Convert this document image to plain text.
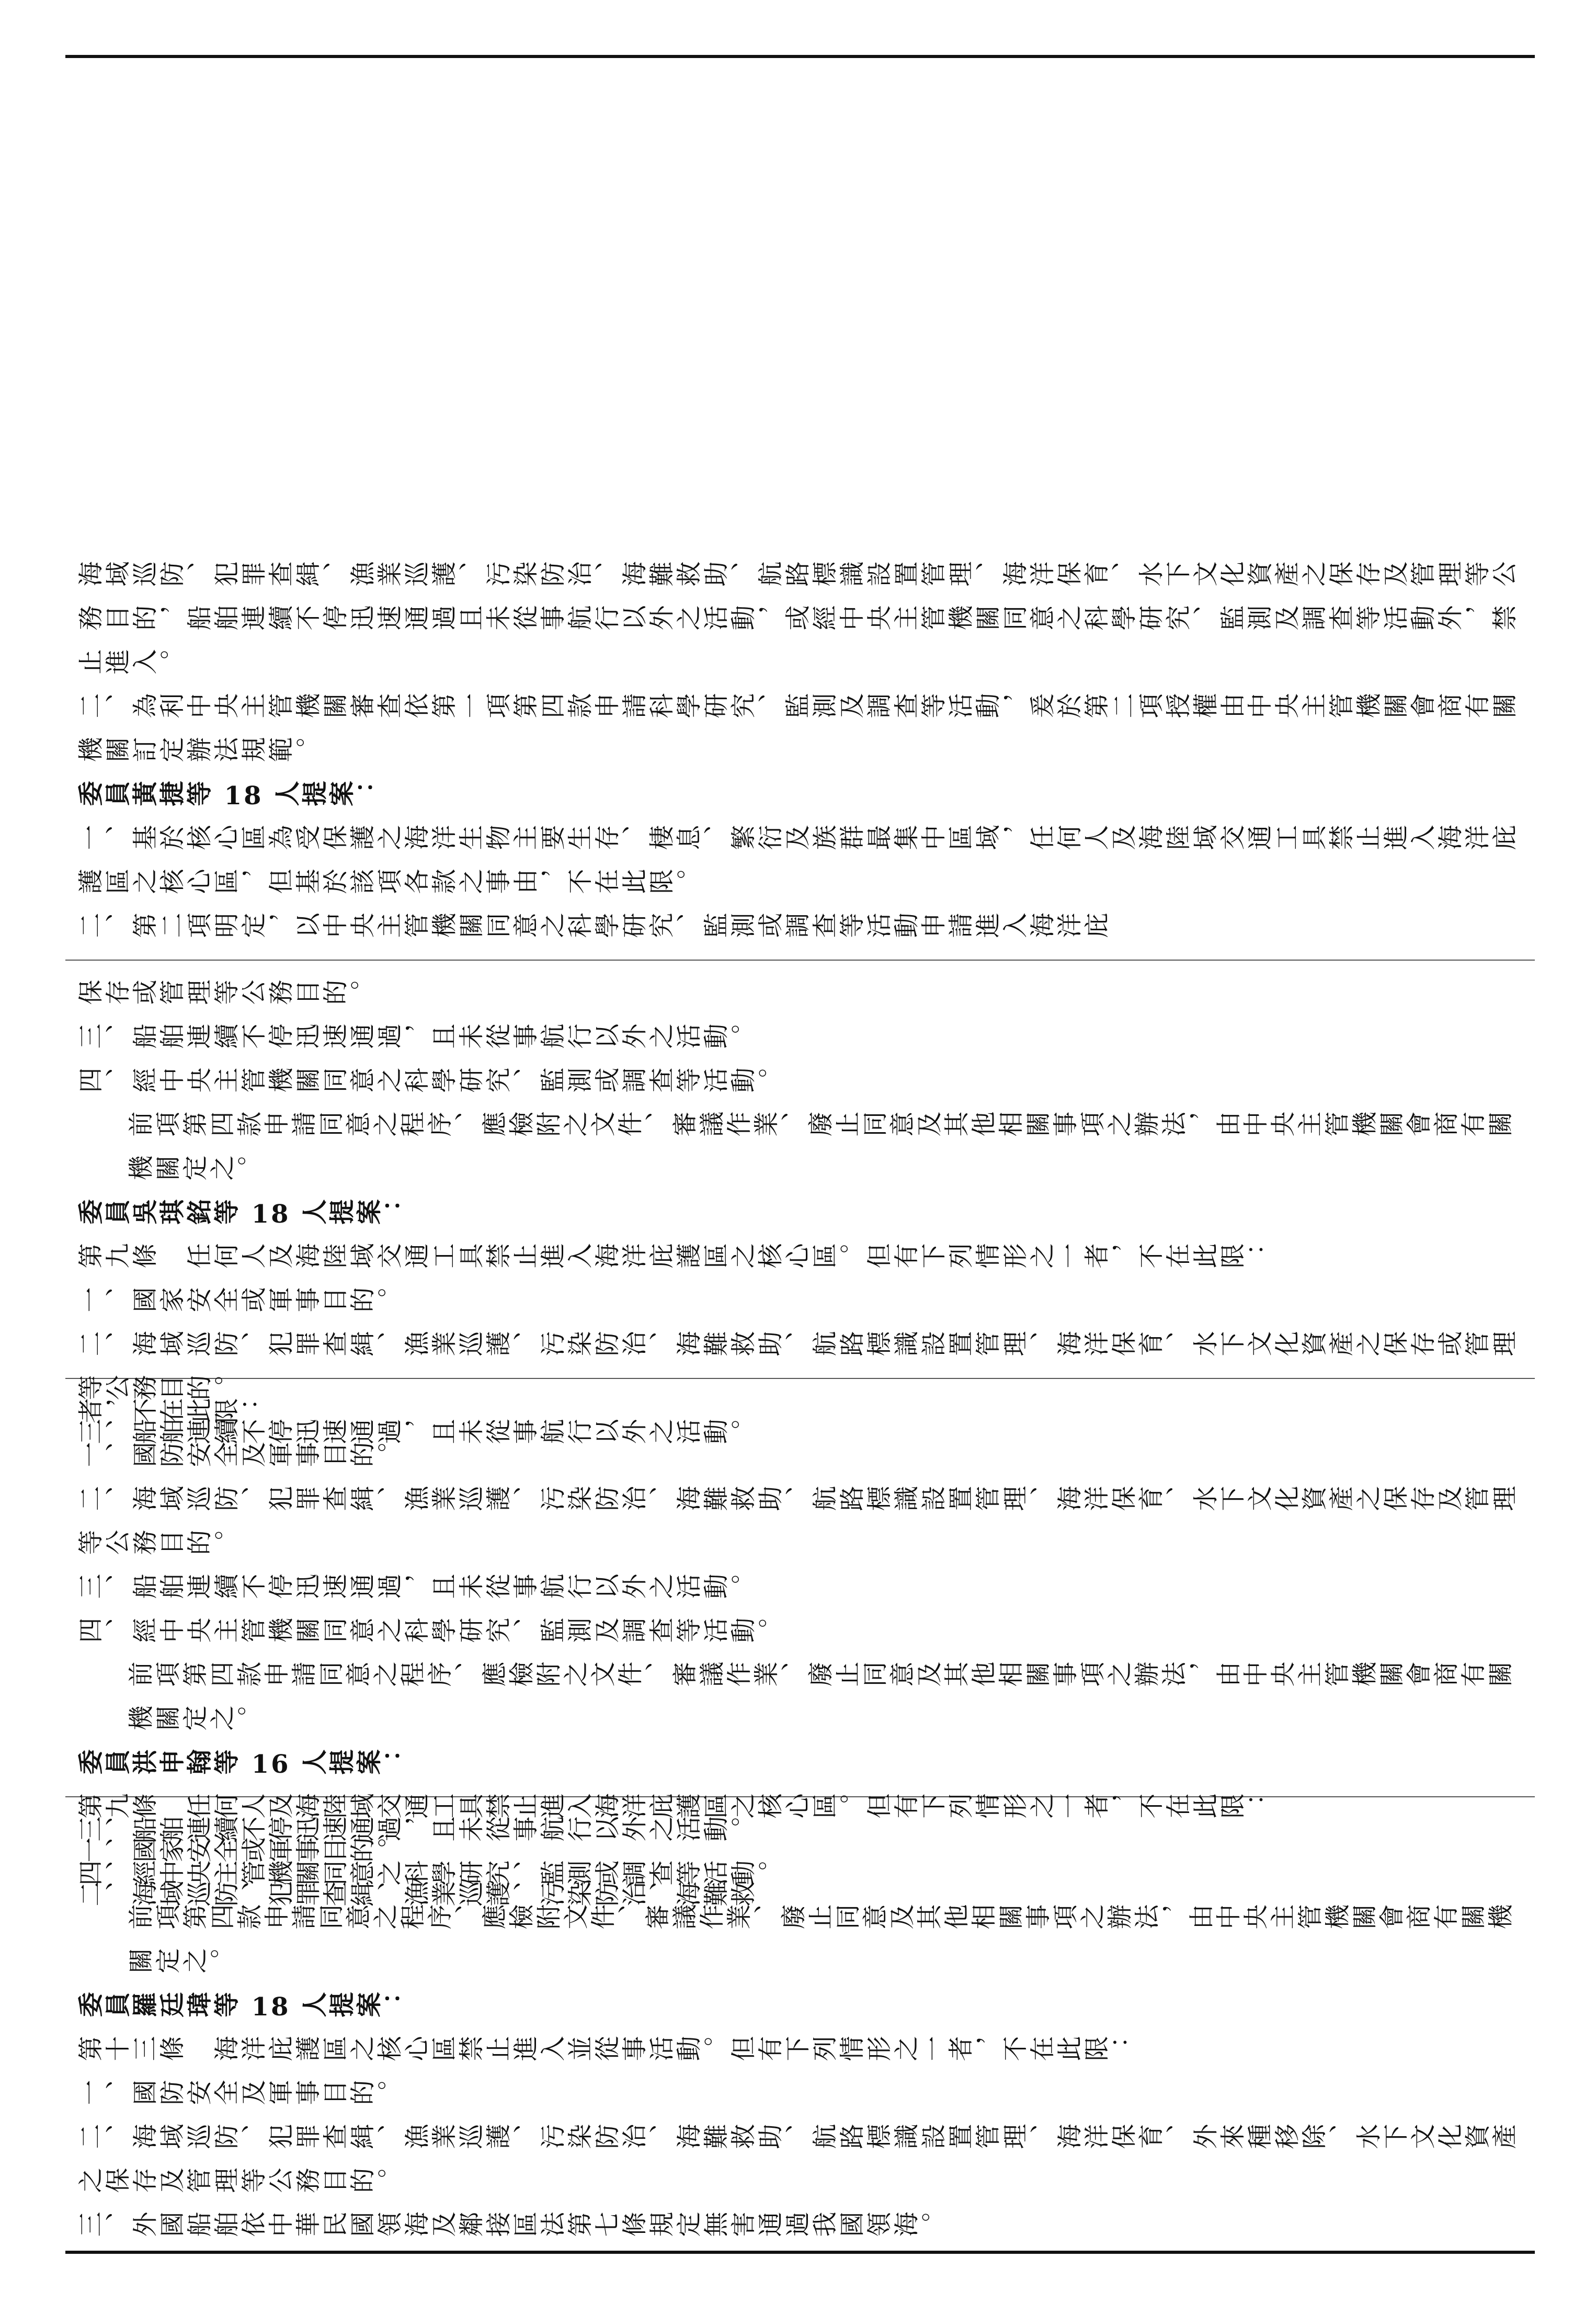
三、船舶連續不停迅速通過，且未從事航行以外之活動。

四、經中央主管機關同意之科學研究、監測或調查等活動。

前項第四款申請同意之程序、應檢附文件、審議作業、廢止同意及其他相關事項之辦法，由中央主管機關會商有關機關定之。

委員羅廷瑋等 18 人提案：

第十三條　海洋庇護區之核心區禁止進入並從事活動。但有下列情形之一者，不在此限：

一、國防安全及軍事目的。

二、海域巡防、犯罪查緝、漁業巡護、污染防治、海難救助、航路標識設置管理、海洋保育、外來種移除、水下文化資產之保存及管理等公務目的。

三、外國船舶依中華民國領海及鄰接區法第七條規定無害通過我國領海。

者，不在此限：

一、國防安全及軍事目的。

二、海域巡防、犯罪查緝、漁業巡護、污染防治、海難救助、航路標識設置管理、海洋保育、水下文化資產之保存及管理等公務目的。

三、船舶連續不停迅速通過，且未從事航行以外之活動。

四、經中央主管機關同意之科學研究、監測及調查等活動。

前項第四款申請同意之程序、應檢附之文件、審議作業、廢止同意及其他相關事項之辦法，由中央主管機關會商有關機關定之。

委員洪申翰等 16 人提案：

第九條　任何人及海陸域交通工具禁止進入海洋庇護區之核心區。但有下列情形之一者，不在此限：

一、國家安全或軍事目的。

二、海域巡防、犯罪查緝、漁業巡護、污染防治、海難救

保存或管理等公務目的。

三、船舶連續不停迅速通過，且未從事航行以外之活動。

四、經中央主管機關同意之科學研究、監測或調查等活動。

前項第四款申請同意之程序、應檢附之文件、審議作業、廢止同意及其他相關事項之辦法，由中央主管機關會商有關機關定之。

委員吳琪銘等 18 人提案：

第九條　任何人及海陸域交通工具禁止進入海洋庇護區之核心區。但有下列情形之一者，不在此限：

一、國家安全或軍事目的。

二、海域巡防、犯罪查緝、漁業巡護、污染防治、海難救助、航路標識設置管理、海洋保育、水下文化資產之保存或管理等公務目的。

三、船舶連續不停迅速通過，且未從事航行以外之活動。

海域巡防、犯罪查緝、漁業巡護、污染防治、海難救助、航路標識設置管理、海洋保育、水下文化資產之保存及管理等公務目的，船舶連續不停迅速通過且未從事航行以外之活動，或經中央主管機關同意之科學研究、監測及調查等活動外，禁止進入。

二、為利中央主管機關審查依第一項第四款申請科學研究、監測及調查等活動，爰於第二項授權由中央主管機關會商有關機關訂定辦法規範。

委員黃捷等 18 人提案：

一、基於核心區為受保護之海洋生物主要生存、棲息、繁衍及族群最集中區域，任何人及海陸域交通工具禁止進入海洋庇護區之核心區，但基於該項各款之事由，不在此限。

二、第二項明定，以中央主管機關同意之科學研究、監測或調查等活動申請進入海洋庇
